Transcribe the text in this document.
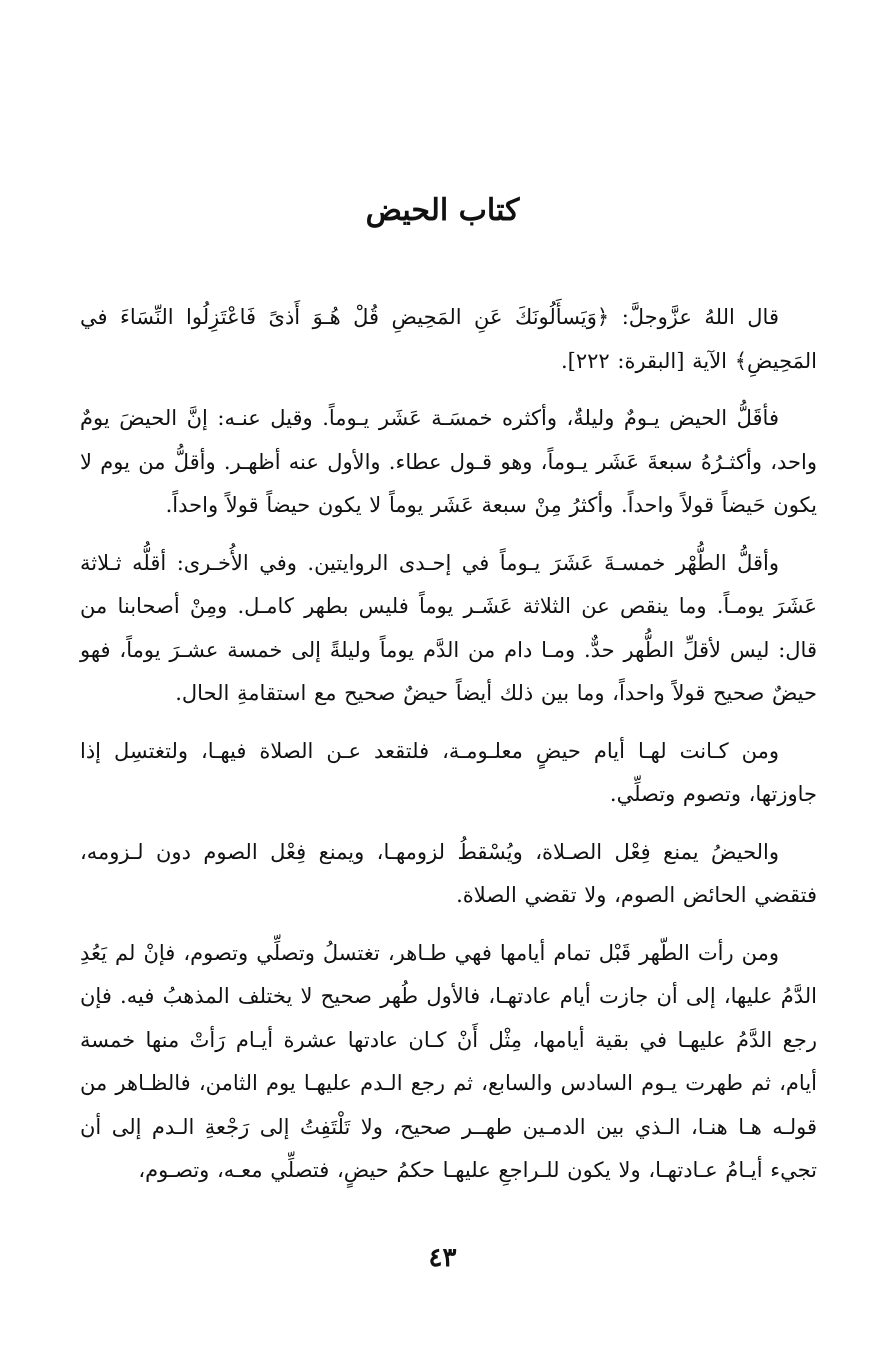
كتاب الحيض

قال اللهُ عزَّوجلَّ: ﴿وَيَسأَلُونَكَ عَنِ المَحِيضِ قُلْ هُـوَ أَذىً فَاعْتَزِلُوا النِّسَاءَ في المَحِيضِ﴾ الآية [البقرة: ٢٢٢].

فأقَلُّ الحيض يـومٌ وليلةٌ، وأكثره خمسَـة عَشَر يـوماً. وقيل عنـه: إنَّ الحيضَ يومٌ واحد، وأكثـرُهُ سبعةَ عَشَر يـوماً، وهو قـول عطاء. والأول عنه أظهـر. وأقلُّ من يوم لا يكون حَيضاً قولاً واحداً. وأكثرُ مِنْ سبعة عَشَر يوماً لا يكون حيضاً قولاً واحداً.

وأقلُّ الطُّهْر خمسـةَ عَشَرَ يـوماً في إحـدى الروايتين. وفي الأُخـرى: أقلُّه ثـلاثة عَشَرَ يومـاً. وما ينقص عن الثلاثة عَشَـر يوماً فليس بطهر كامـل. ومِنْ أصحابنا من قال: ليس لأقلِّ الطُّهر حدٌّ. ومـا دام من الدَّم يوماً وليلةً إلى خمسة عشـرَ يوماً، فهو حيضٌ صحيح قولاً واحداً، وما بين ذلك أيضاً حيضٌ صحيح مع استقامةِ الحال.

ومن كـانت لهـا أيام حيضٍ معلـومـة، فلتقعد عـن الصلاة فيهـا، ولتغتسِل إذا جاوزتها، وتصوم وتصلِّي.

والحيضُ يمنع فِعْل الصـلاة، ويُسْقطُ لزومهـا، ويمنع فِعْل الصوم دون لـزومه، فتقضي الحائض الصوم، ولا تقضي الصلاة.

ومن رأت الطّهر قَبْل تمام أيامها فهي طـاهر، تغتسلُ وتصلِّي وتصوم، فإنْ لم يَعُدِ الدَّمُ عليها، إلى أن جازت أيام عادتهـا، فالأول طُهر صحيح لا يختلف المذهبُ فيه. فإن رجع الدَّمُ عليهـا في بقية أيامها، مِثْل أَنْ كـان عادتها عشرة أيـام رَأتْ منها خمسة أيام، ثم طهرت يـوم السادس والسابع، ثم رجع الـدم عليهـا يوم الثامن، فالظـاهر من قولـه هـا هنـا، الـذي بين الدمـين طهــر صحيح، ولا تَلْتَفِتُ إلى رَجْعةِ الـدم إلى أن تجيء أيـامُ عـادتهـا، ولا يكون للـراجعِ عليهـا حكمُ حيضٍ، فتصلِّي معـه، وتصـوم،

٤٣
